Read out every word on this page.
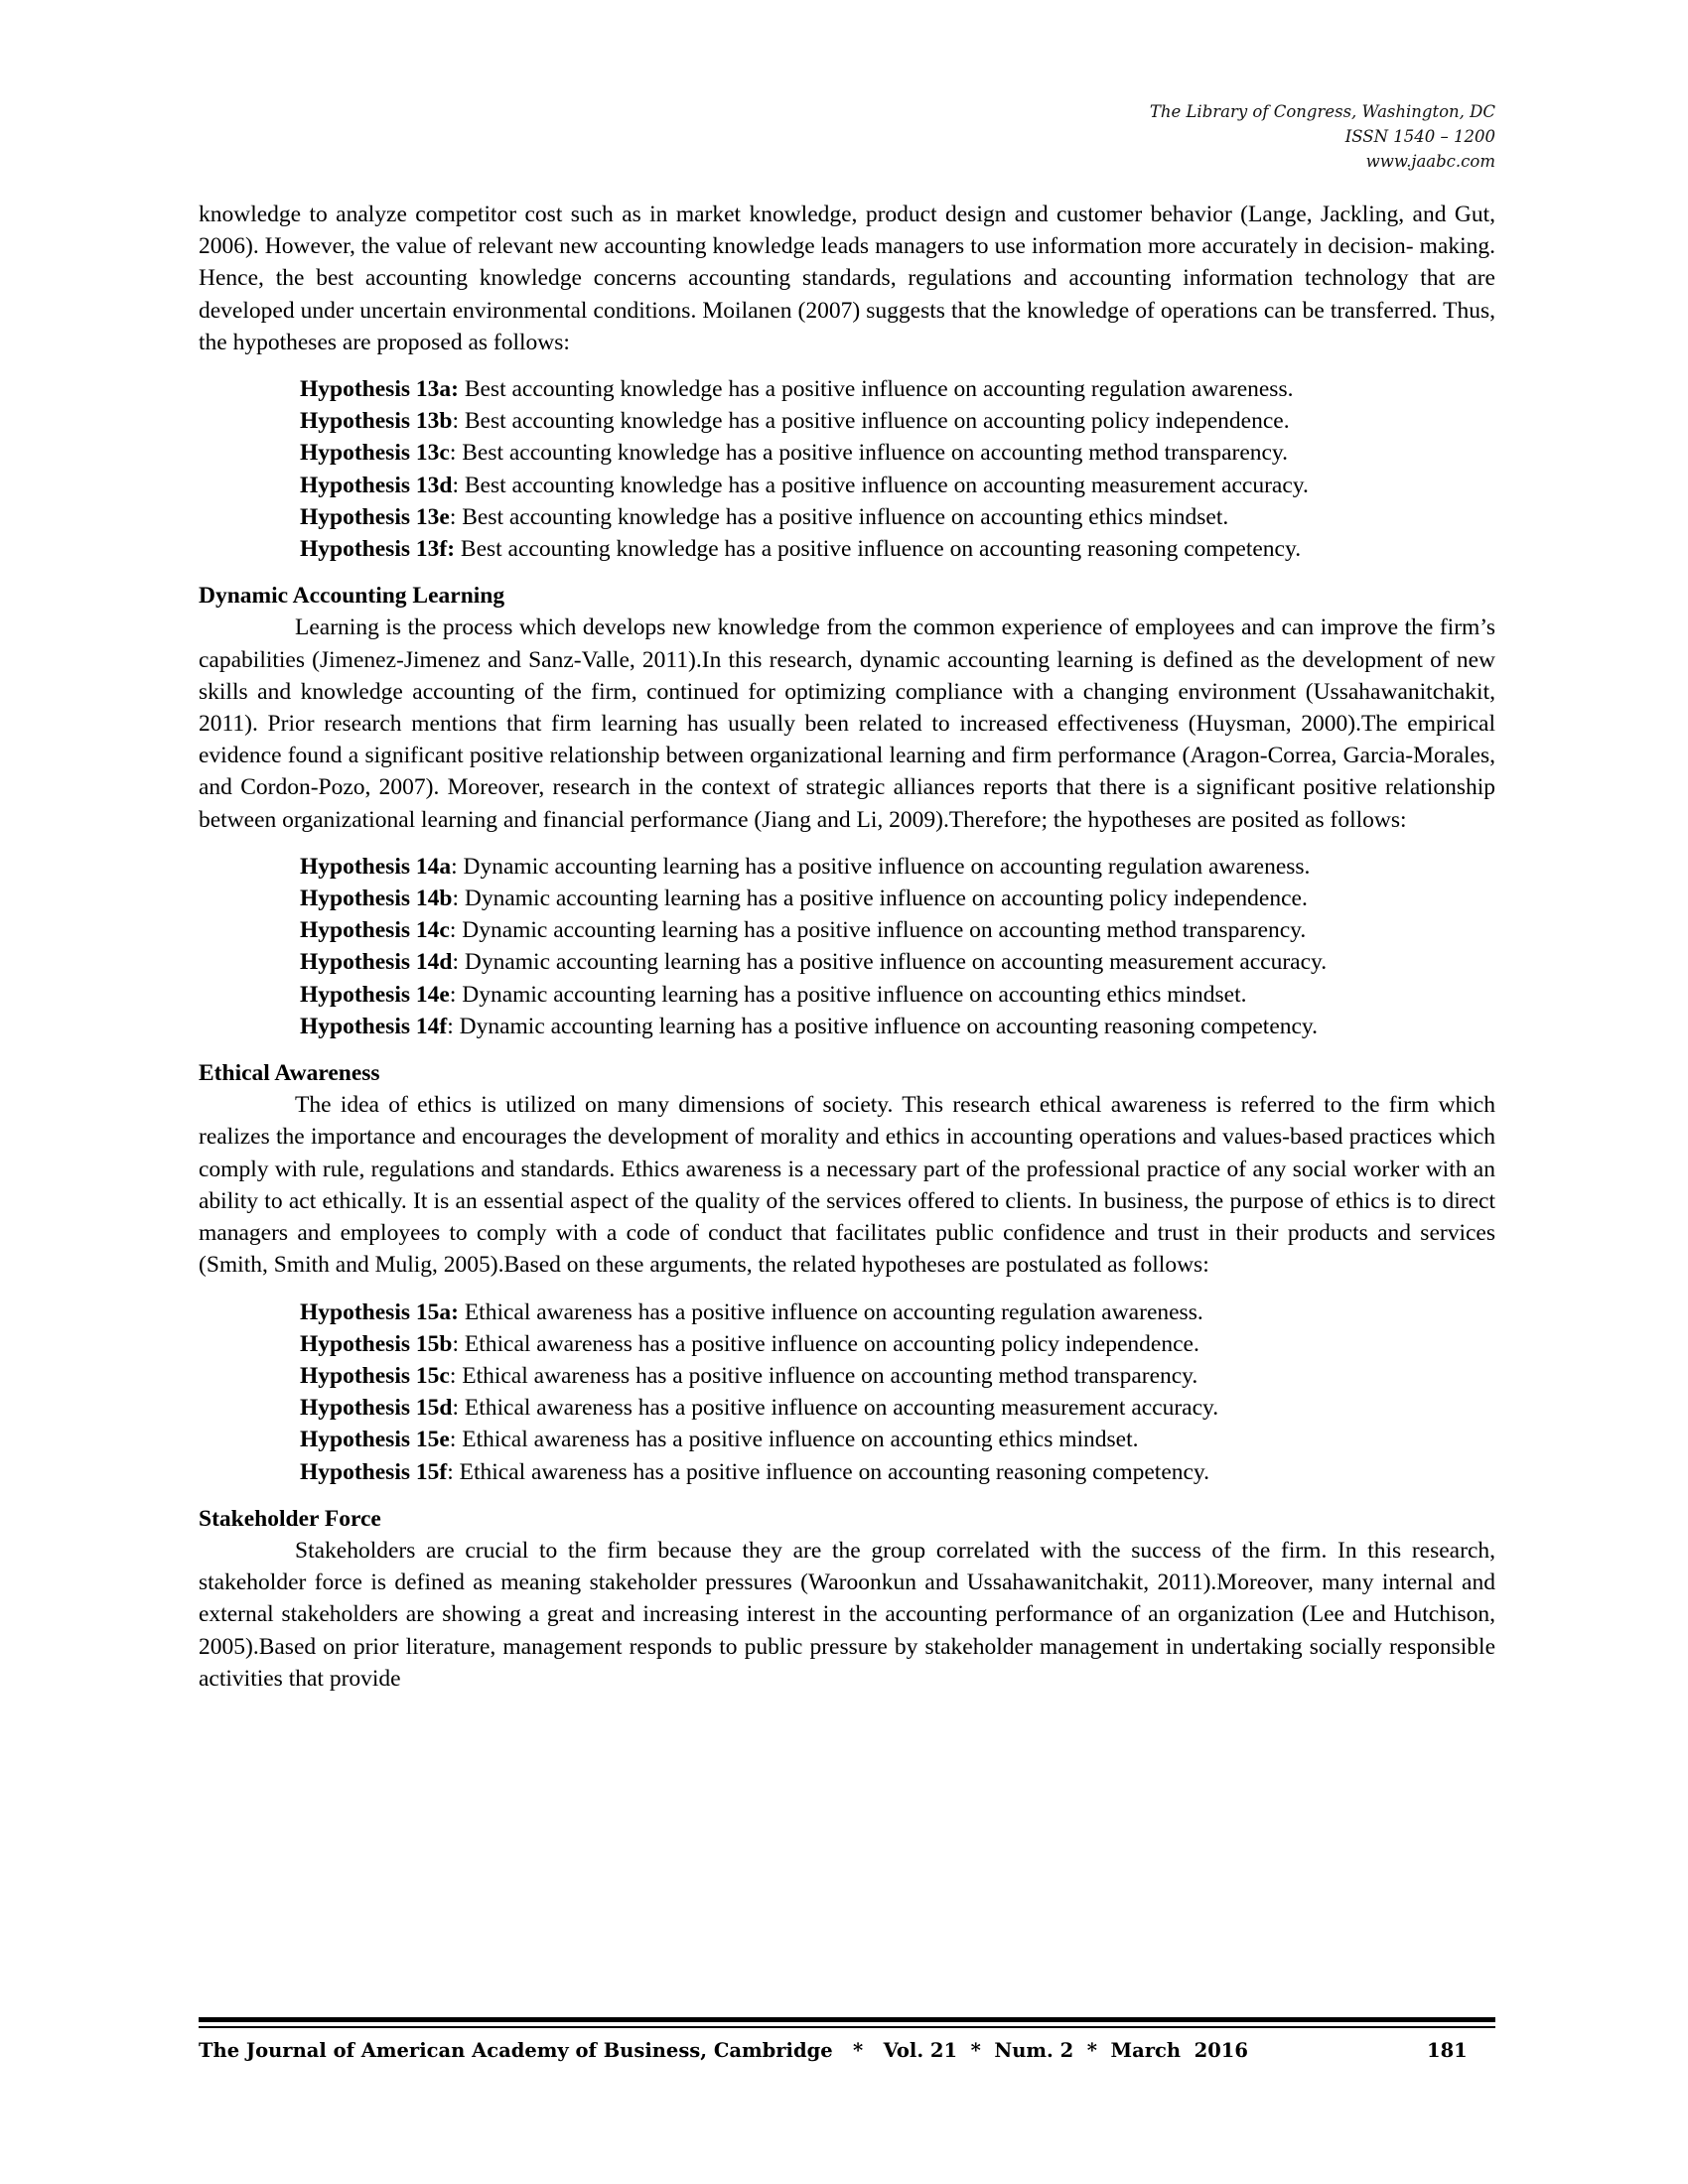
The Library of Congress, Washington, DC
ISSN 1540 – 1200
www.jaabc.com

knowledge to analyze competitor cost such as in market knowledge, product design and customer behavior (Lange, Jackling, and Gut, 2006). However, the value of relevant new accounting knowledge leads managers to use information more accurately in decision- making. Hence, the best accounting knowledge concerns accounting standards, regulations and accounting information technology that are developed under uncertain environmental conditions. Moilanen (2007) suggests that the knowledge of operations can be transferred. Thus, the hypotheses are proposed as follows:

Hypothesis 13a: Best accounting knowledge has a positive influence on accounting regulation awareness.
Hypothesis 13b: Best accounting knowledge has a positive influence on accounting policy independence.
Hypothesis 13c: Best accounting knowledge has a positive influence on accounting method transparency.
Hypothesis 13d: Best accounting knowledge has a positive influence on accounting measurement accuracy.
Hypothesis 13e: Best accounting knowledge has a positive influence on accounting ethics mindset.
Hypothesis 13f: Best accounting knowledge has a positive influence on accounting reasoning competency.
Dynamic Accounting Learning

Learning is the process which develops new knowledge from the common experience of employees and can improve the firm’s capabilities (Jimenez-Jimenez and Sanz-Valle, 2011).In this research, dynamic accounting learning is defined as the development of new skills and knowledge accounting of the firm, continued for optimizing compliance with a changing environment (Ussahawanitchakit, 2011). Prior research mentions that firm learning has usually been related to increased effectiveness (Huysman, 2000).The empirical evidence found a significant positive relationship between organizational learning and firm performance (Aragon-Correa, Garcia-Morales, and Cordon-Pozo, 2007). Moreover, research in the context of strategic alliances reports that there is a significant positive relationship between organizational learning and financial performance (Jiang and Li, 2009).Therefore; the hypotheses are posited as follows:

Hypothesis 14a: Dynamic accounting learning has a positive influence on accounting regulation awareness.
Hypothesis 14b: Dynamic accounting learning has a positive influence on accounting policy independence.
Hypothesis 14c: Dynamic accounting learning has a positive influence on accounting method transparency.
Hypothesis 14d: Dynamic accounting learning has a positive influence on accounting measurement accuracy.
Hypothesis 14e: Dynamic accounting learning has a positive influence on accounting ethics mindset.
Hypothesis 14f: Dynamic accounting learning has a positive influence on accounting reasoning competency.
Ethical Awareness

The idea of ethics is utilized on many dimensions of society. This research ethical awareness is referred to the firm which realizes the importance and encourages the development of morality and ethics in accounting operations and values-based practices which comply with rule, regulations and standards. Ethics awareness is a necessary part of the professional practice of any social worker with an ability to act ethically. It is an essential aspect of the quality of the services offered to clients. In business, the purpose of ethics is to direct managers and employees to comply with a code of conduct that facilitates public confidence and trust in their products and services (Smith, Smith and Mulig, 2005).Based on these arguments, the related hypotheses are postulated as follows:

Hypothesis 15a: Ethical awareness has a positive influence on accounting regulation awareness.
Hypothesis 15b: Ethical awareness has a positive influence on accounting policy independence.
Hypothesis 15c: Ethical awareness has a positive influence on accounting method transparency.
Hypothesis 15d: Ethical awareness has a positive influence on accounting measurement accuracy.
Hypothesis 15e: Ethical awareness has a positive influence on accounting ethics mindset.
Hypothesis 15f: Ethical awareness has a positive influence on accounting reasoning competency.
Stakeholder Force

Stakeholders are crucial to the firm because they are the group correlated with the success of the firm. In this research, stakeholder force is defined as meaning stakeholder pressures (Waroonkun and Ussahawanitchakit, 2011).Moreover, many internal and external stakeholders are showing a great and increasing interest in the accounting performance of an organization (Lee and Hutchison, 2005).Based on prior literature, management responds to public pressure by stakeholder management in undertaking socially responsible activities that provide

The Journal of American Academy of Business, Cambridge   *   Vol. 21  *  Num. 2  *  March  2016	181
